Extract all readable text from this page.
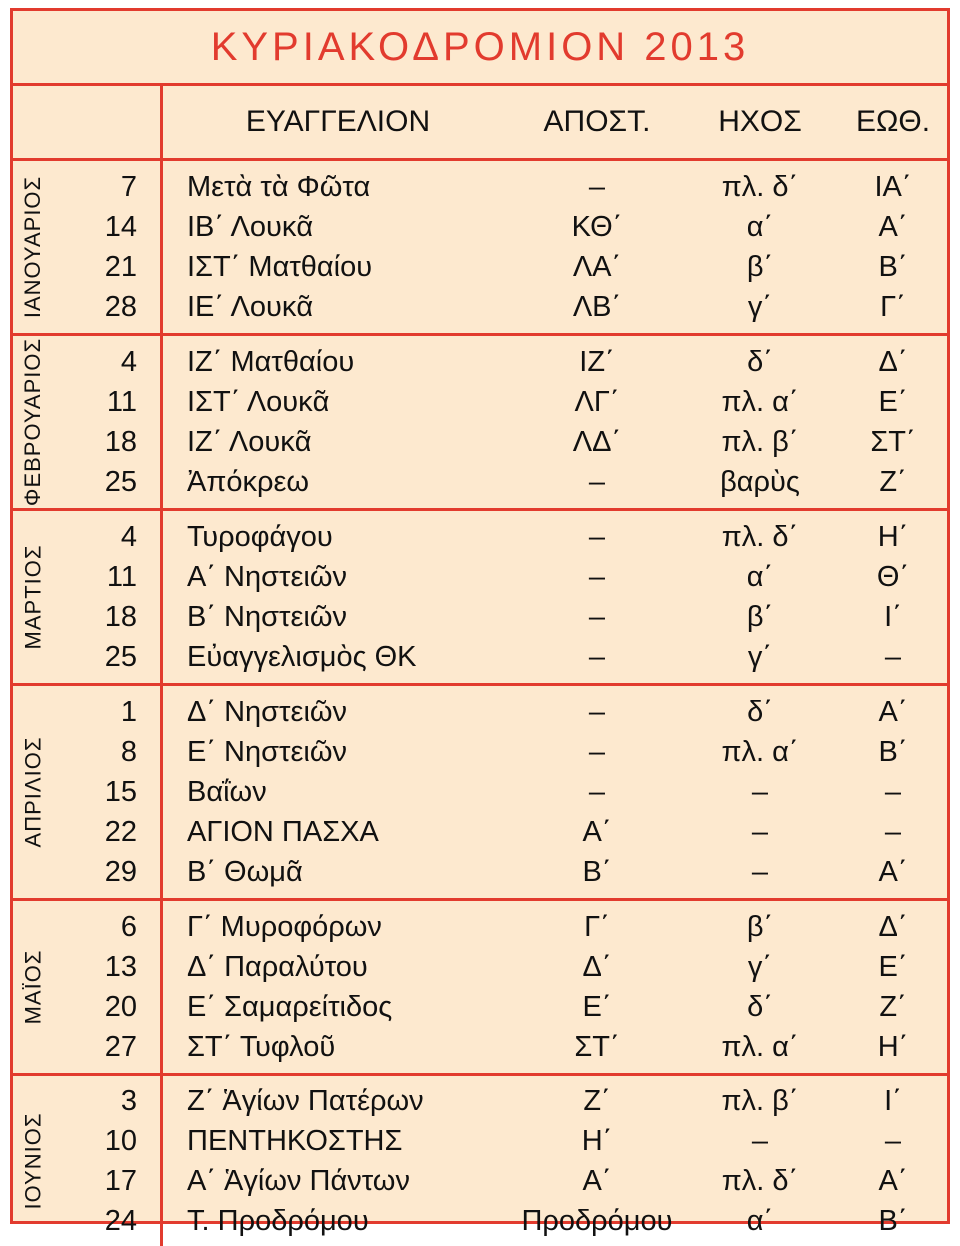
ΚΥΡΙΑΚΟΔΡΟΜΙΟΝ 2013
ΕΥΑΓΓΕΛΙΟΝ	ΑΠΟΣΤ.	ΗΧΟΣ	ΕΩΘ.
ΙΑΝΟΥΑΡΙΟΣ	7 Μετὰ τὰ Φῶτα	–	πλ. δ΄	ΙΑ΄
14 ΙΒ΄ Λουκᾶ	ΚΘ΄	α΄	Α΄
21 ΙΣΤ΄ Ματθαίου	ΛΑ΄	β΄	Β΄
28 ΙΕ΄ Λουκᾶ	ΛΒ΄	γ΄	Γ΄
ΦΕΒΡΟΥΑΡΙΟΣ	4 ΙΖ΄ Ματθαίου	ΙΖ΄	δ΄	Δ΄
11 ΙΣΤ΄ Λουκᾶ	ΛΓ΄	πλ. α΄	Ε΄
18 ΙΖ΄ Λουκᾶ	ΛΔ΄	πλ. β΄	ΣΤ΄
25 Ἀπόκρεω	–	βαρὺς	Ζ΄
ΜΑΡΤΙΟΣ
4 Τυροφάγου	–	πλ. δ΄	Η΄
11 Α΄ Νηστειῶν	–	α΄	Θ΄
18 Β΄ Νηστειῶν	–	β΄	Ι΄
25 Εὐαγγελισμὸς ΘΚ	–	γ΄	–
ΑΠΡΙΛΙΟΣ
1 Δ΄ Νηστειῶν	–	δ΄	Α΄
8 Ε΄ Νηστειῶν	–	πλ. α΄	Β΄
15 Βαΐων	–	–	–
22 ΑΓΙΟΝ ΠΑΣΧΑ	Α΄	–	–
29 Β΄ Θωμᾶ	Β΄	–	Α΄
ΜΑΪΟΣ
6 Γ΄ Μυροφόρων	Γ΄	β΄	Δ΄
13 Δ΄ Παραλύτου	Δ΄	γ΄	Ε΄
20 Ε΄ Σαμαρείτιδος	Ε΄	δ΄	Ζ΄
27 ΣΤ΄ Τυφλοῦ	ΣΤ΄	πλ. α΄	Η΄
ΙΟΥΝΙΟΣ
3 Ζ΄ Ἁγίων Πατέρων	Ζ΄	πλ. β΄	Ι΄
10 ΠΕΝΤΗΚΟΣΤΗΣ	Η΄	–	–
17 Α΄ Ἁγίων Πάντων	Α΄	πλ. δ΄	Α΄
24 Τ. Προδρόμου	Προδρόμου	α΄	Β΄
